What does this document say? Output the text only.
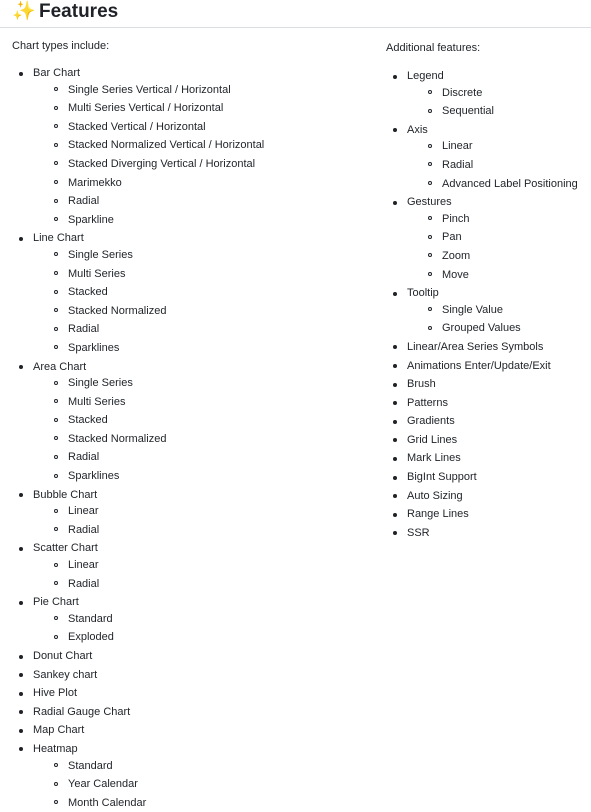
✨ Features

Chart types include:

Bar Chart
Single Series Vertical / Horizontal
Multi Series Vertical / Horizontal
Stacked Vertical / Horizontal
Stacked Normalized Vertical / Horizontal
Stacked Diverging Vertical / Horizontal
Marimekko
Radial
Sparkline
Line Chart
Single Series
Multi Series
Stacked
Stacked Normalized
Radial
Sparklines
Area Chart
Single Series
Multi Series
Stacked
Stacked Normalized
Radial
Sparklines
Bubble Chart
Linear
Radial
Scatter Chart
Linear
Radial
Pie Chart
Standard
Exploded
Donut Chart
Sankey chart
Hive Plot
Radial Gauge Chart
Map Chart
Heatmap
Standard
Year Calendar
Month Calendar

Additional features:

Legend
Discrete
Sequential
Axis
Linear
Radial
Advanced Label Positioning
Gestures
Pinch
Pan
Zoom
Move
Tooltip
Single Value
Grouped Values
Linear/Area Series Symbols
Animations Enter/Update/Exit
Brush
Patterns
Gradients
Grid Lines
Mark Lines
BigInt Support
Auto Sizing
Range Lines
SSR
